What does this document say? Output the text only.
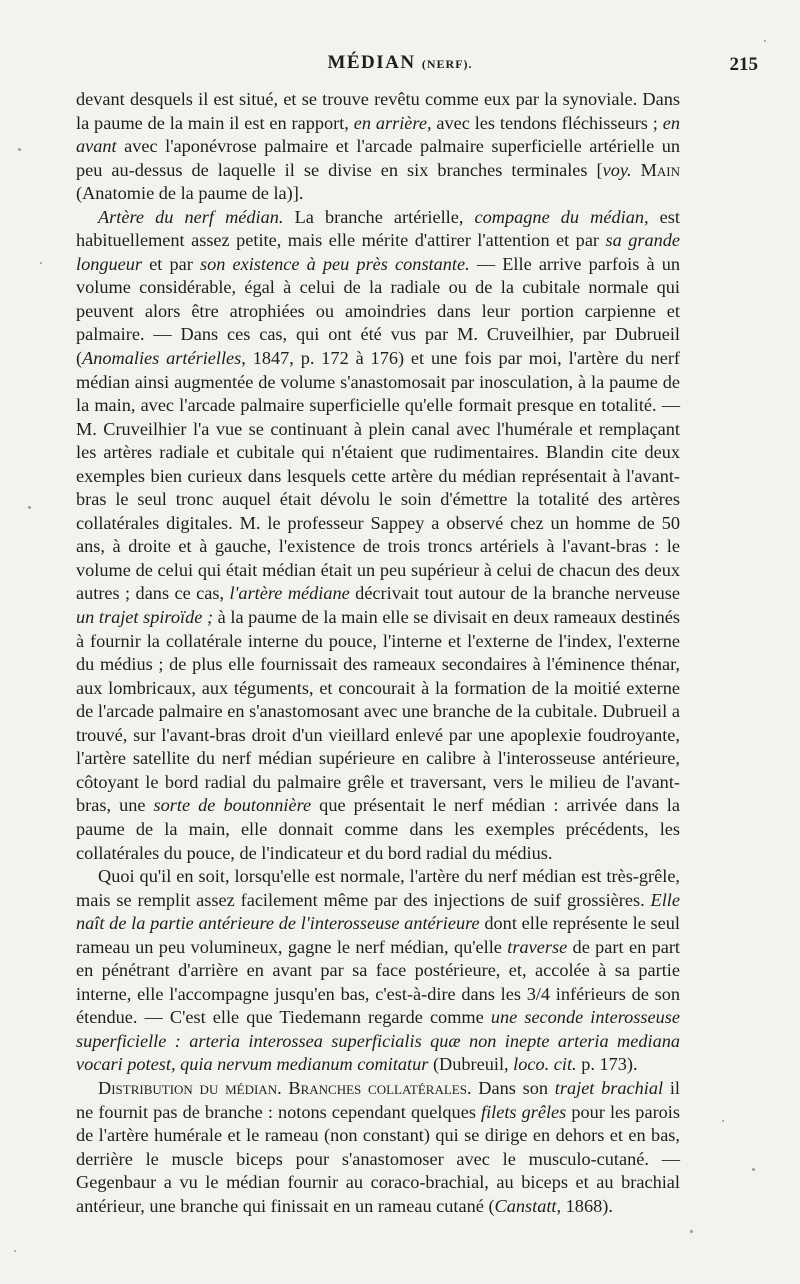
MÉDIAN (NERF).	215

devant desquels il est situé, et se trouve revêtu comme eux par la synoviale. Dans la paume de la main il est en rapport, en arrière, avec les tendons fléchisseurs ; en avant avec l'aponévrose palmaire et l'arcade palmaire superficielle artérielle un peu au-dessus de laquelle il se divise en six branches terminales [voy. Main (Anatomie de la paume de la)].

Artère du nerf médian. La branche artérielle, compagne du médian, est habituellement assez petite, mais elle mérite d'attirer l'attention et par sa grande longueur et par son existence à peu près constante. — Elle arrive parfois à un volume considérable, égal à celui de la radiale ou de la cubitale normale qui peuvent alors être atrophiées ou amoindries dans leur portion carpienne et palmaire. — Dans ces cas, qui ont été vus par M. Cruveilhier, par Dubrueil (Anomalies artérielles, 1847, p. 172 à 176) et une fois par moi, l'artère du nerf médian ainsi augmentée de volume s'anastomosait par inosculation, à la paume de la main, avec l'arcade palmaire superficielle qu'elle formait presque en totalité. — M. Cruveilhier l'a vue se continuant à plein canal avec l'humérale et remplaçant les artères radiale et cubitale qui n'étaient que rudimentaires. Blandin cite deux exemples bien curieux dans lesquels cette artère du médian représentait à l'avant-bras le seul tronc auquel était dévolu le soin d'émettre la totalité des artères collatérales digitales. M. le professeur Sappey a observé chez un homme de 50 ans, à droite et à gauche, l'existence de trois troncs artériels à l'avant-bras : le volume de celui qui était médian était un peu supérieur à celui de chacun des deux autres ; dans ce cas, l'artère médiane décrivait tout autour de la branche nerveuse un trajet spiroïde ; à la paume de la main elle se divisait en deux rameaux destinés à fournir la collatérale interne du pouce, l'interne et l'externe de l'index, l'externe du médius ; de plus elle fournissait des rameaux secondaires à l'éminence thénar, aux lombricaux, aux téguments, et concourait à la formation de la moitié externe de l'arcade palmaire en s'anastomosant avec une branche de la cubitale. Dubrueil a trouvé, sur l'avant-bras droit d'un vieillard enlevé par une apoplexie foudroyante, l'artère satellite du nerf médian supérieure en calibre à l'interosseuse antérieure, côtoyant le bord radial du palmaire grêle et traversant, vers le milieu de l'avant-bras, une sorte de boutonnière que présentait le nerf médian : arrivée dans la paume de la main, elle donnait comme dans les exemples précédents, les collatérales du pouce, de l'indicateur et du bord radial du médius.

Quoi qu'il en soit, lorsqu'elle est normale, l'artère du nerf médian est très-grêle, mais se remplit assez facilement même par des injections de suif grossières. Elle naît de la partie antérieure de l'interosseuse antérieure dont elle représente le seul rameau un peu volumineux, gagne le nerf médian, qu'elle traverse de part en part en pénétrant d'arrière en avant par sa face postérieure, et, accolée à sa partie interne, elle l'accompagne jusqu'en bas, c'est-à-dire dans les 3/4 inférieurs de son étendue. — C'est elle que Tiedemann regarde comme une seconde interosseuse superficielle : arteria interossea superficialis quæ non inepte arteria mediana vocari potest, quia nervum medianum comitatur (Dubreuil, loco. cit. p. 173).

Distribution du médian. Branches collatérales. Dans son trajet brachial il ne fournit pas de branche : notons cependant quelques filets grêles pour les parois de l'artère humérale et le rameau (non constant) qui se dirige en dehors et en bas, derrière le muscle biceps pour s'anastomoser avec le musculo-cutané. — Gegenbaur a vu le médian fournir au coraco-brachial, au biceps et au brachial antérieur, une branche qui finissait en un rameau cutané (Canstatt, 1868).
